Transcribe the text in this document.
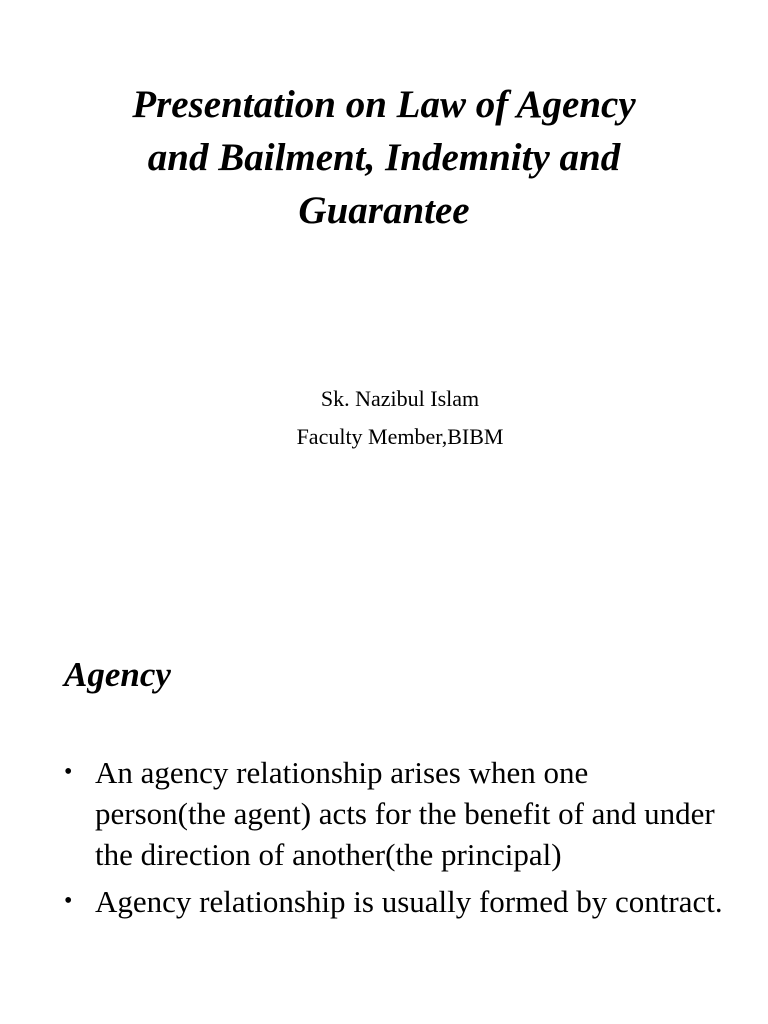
Presentation on Law of Agency
and Bailment, Indemnity and
Guarantee
Sk. Nazibul Islam
Faculty Member,BIBM
Agency
• An agency relationship arises when one person(the agent) acts for the benefit of and under the direction of another(the principal)
• Agency relationship is usually formed by contract.
